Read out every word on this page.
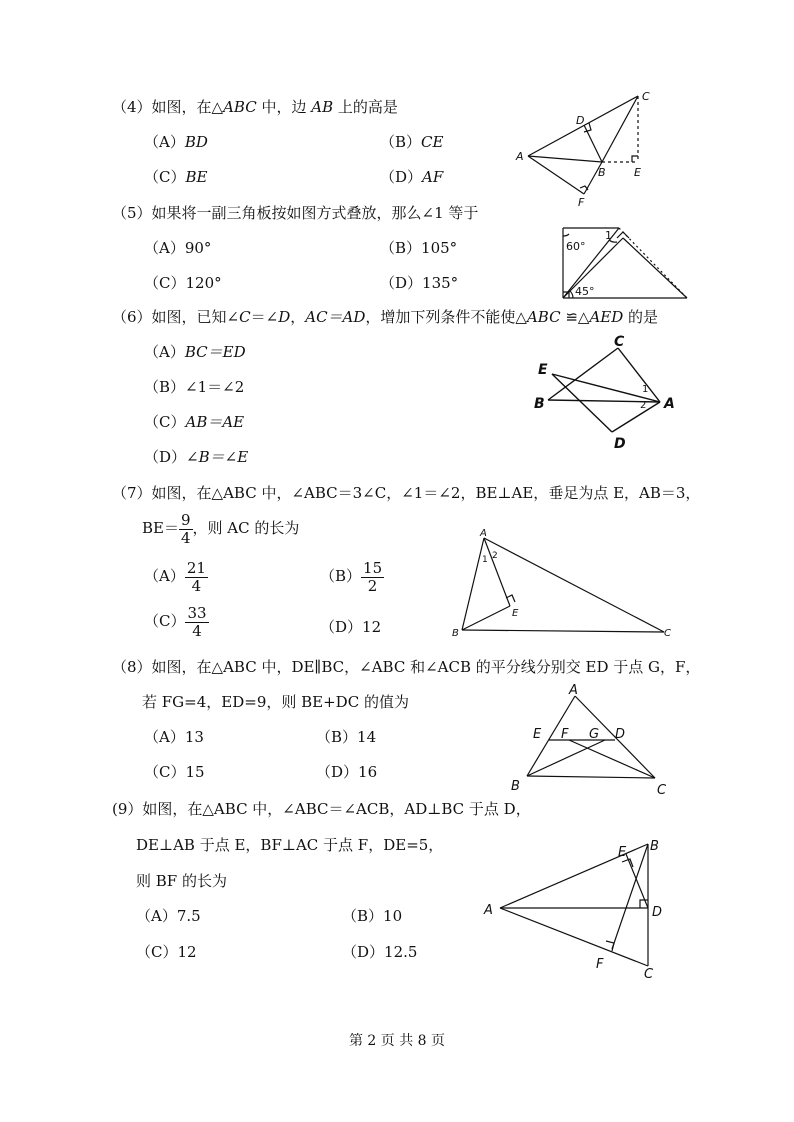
（4）如图，在△ABC 中，边 AB 上的高是
（A）BD	（B）CE
（C）BE	（D）AF
A
B
C
D
E
F
（5）如果将一副三角板按如图方式叠放，那么∠1 等于
（A）90°	（B）105°
（C）120°	（D）135°
60°
45°
1
（6）如图，已知∠C＝∠D，AC＝AD，增加下列条件不能使△ABC ≌△AED 的是
（A）BC＝ED
（B）∠1＝∠2
（C）AB＝AE
（D）∠B＝∠E
A
B
C
D
E
1
2
（7）如图，在△ABC 中，∠ABC＝3∠C，∠1＝∠2，BE⊥AE，垂足为点 E，AB＝3，
$BE= \frac{9}{4}$ ，则 AC 的长为
$(A) \frac{21}{4}$	$(B) \frac{15}{2}$
$(C) \frac{33}{4}$	（D）12
A
B	C
E
1 2
（8）如图，在△ABC 中，DE∥BC，∠ABC 和∠ACB 的平分线分别交 ED 于点 G，F，
若 FG=4，ED=9，则 BE+DC 的值为
（A）13	（B）14
（C）15	（D）16
A
B	C
D
E F G
(9）如图，在△ABC 中，∠ABC＝∠ACB，AD⊥BC 于点 D，
DE⊥AB 于点 E，BF⊥AC 于点 F，DE=5，
则 BF 的长为
（A）7.5	（B）10
（C）12	（D）12.5
A
B
C
D
E
F
第 2 页 共 8 页
